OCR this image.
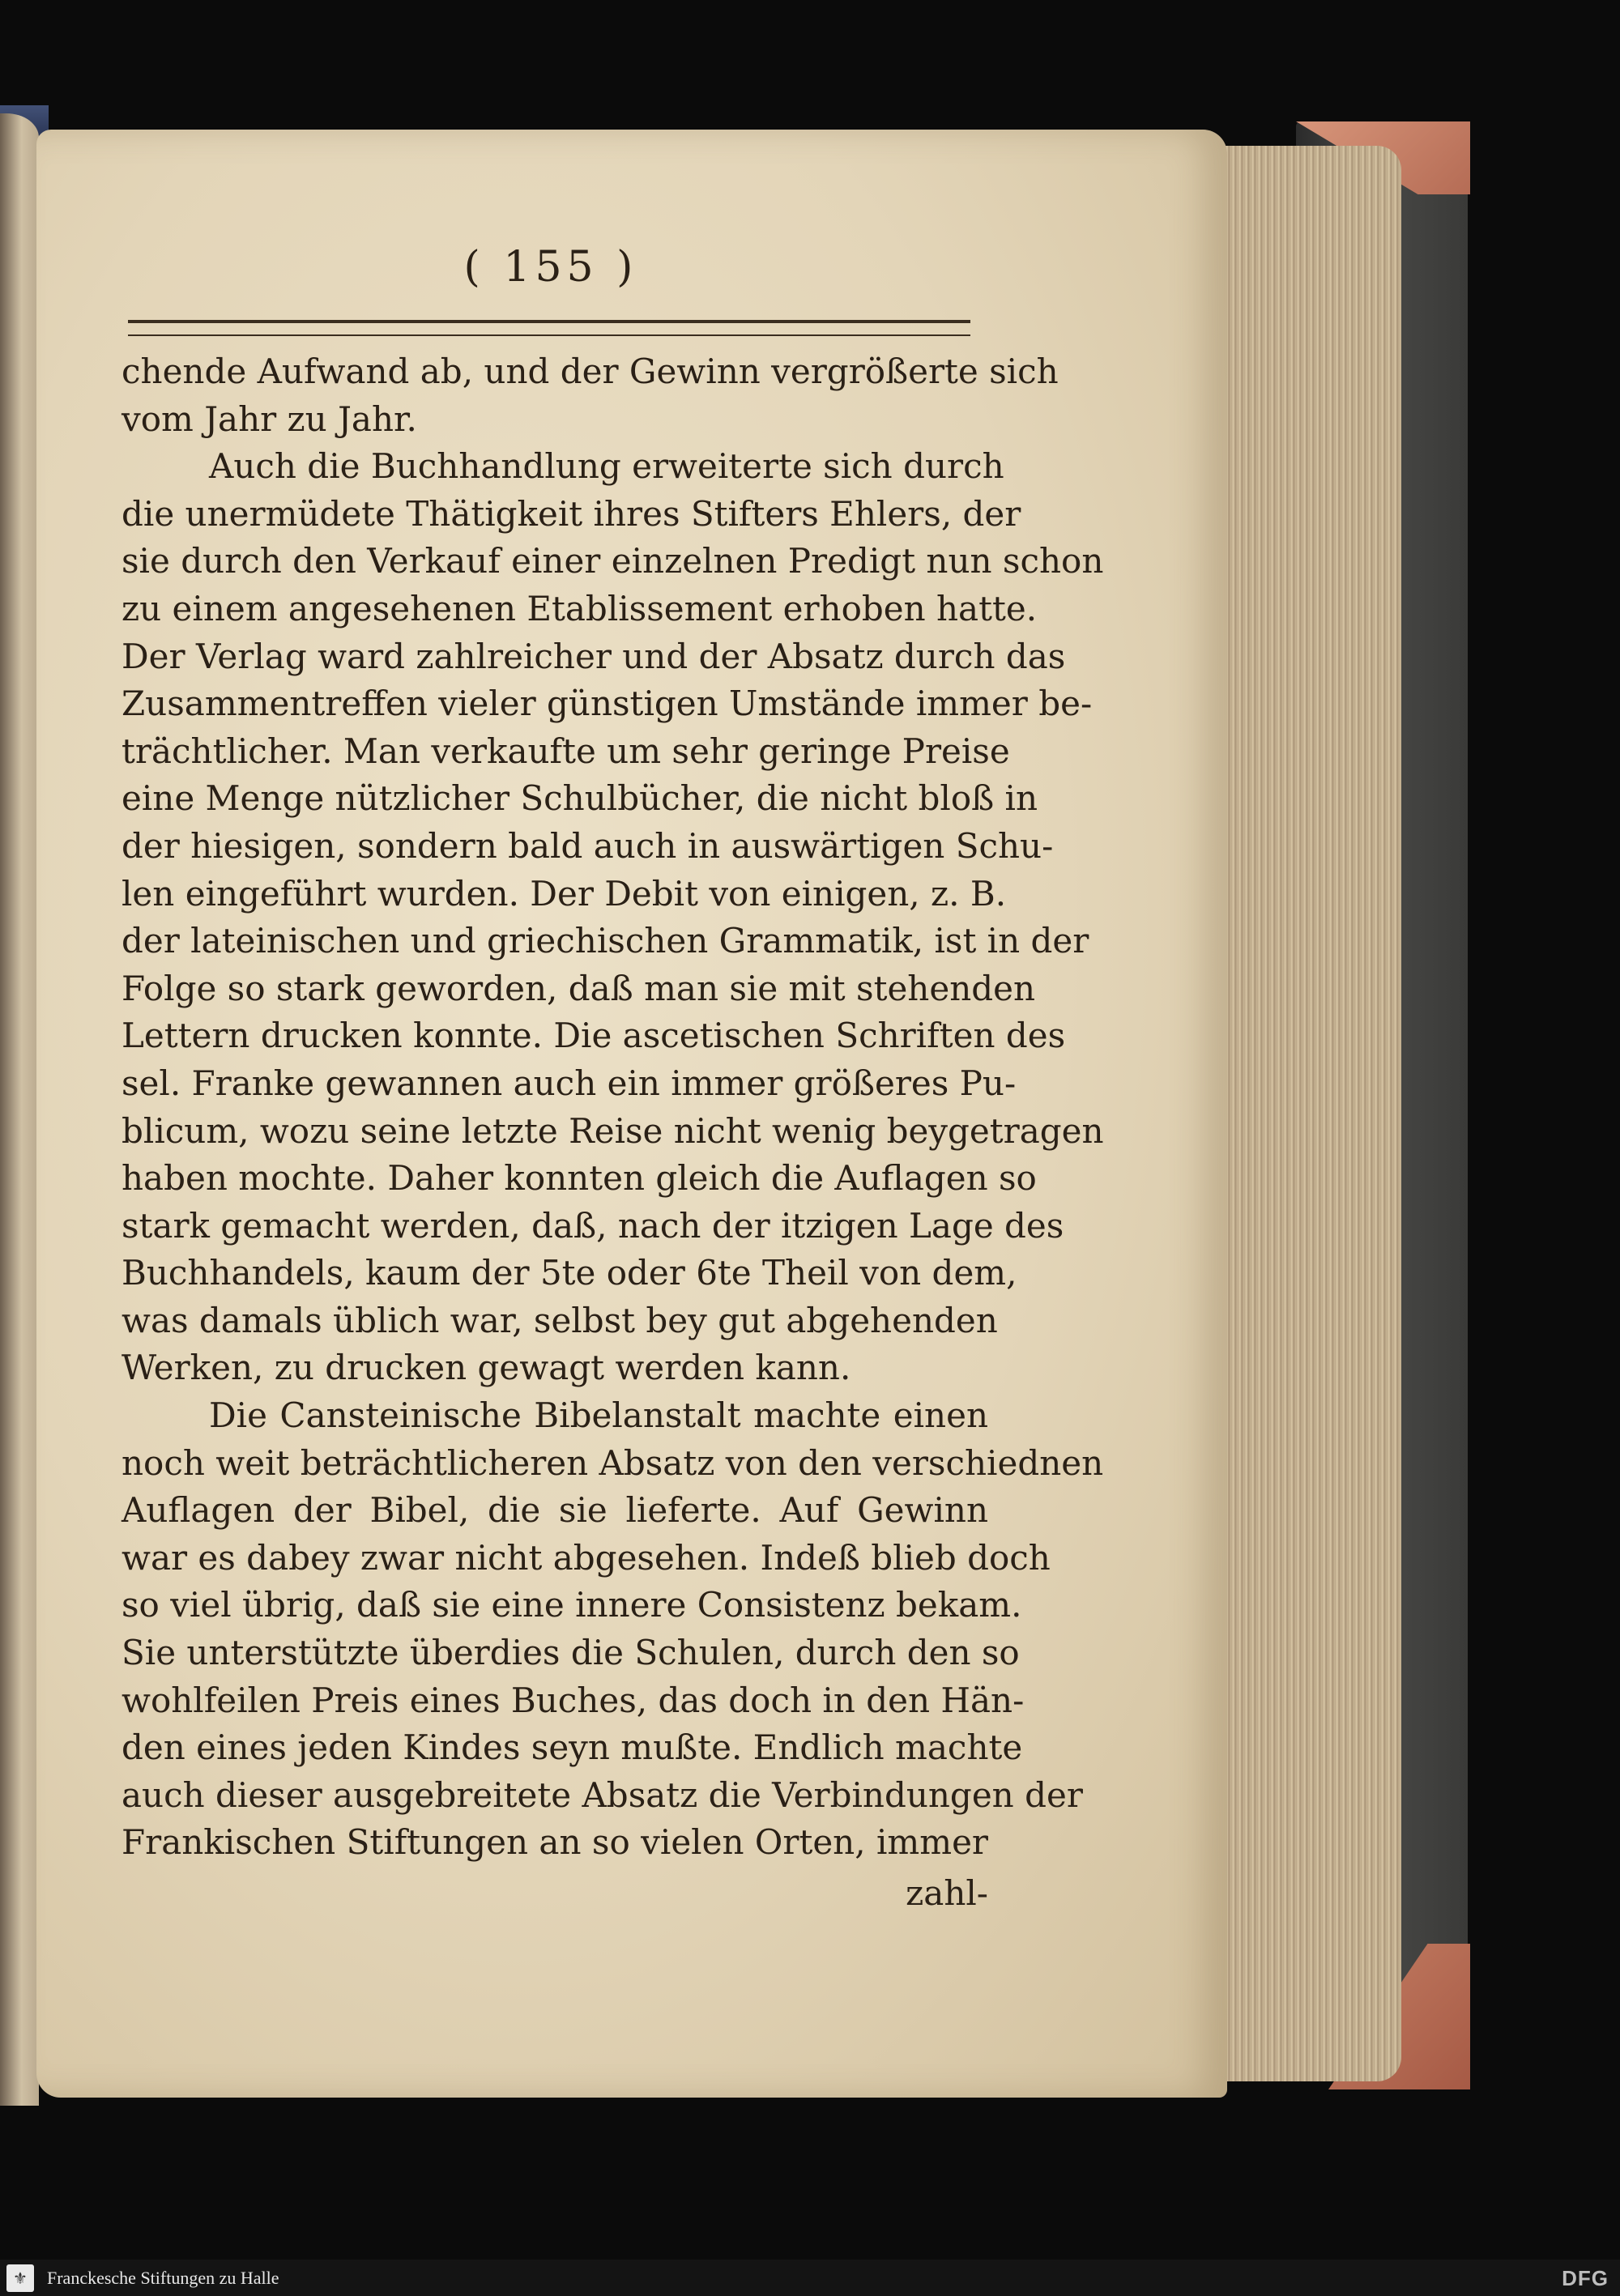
( 155 )
chende Aufwand ab, und der Gewinn vergrößerte sich
vom Jahr zu Jahr.
Auch die Buchhandlung erweiterte sich durch
die unermüdete Thätigkeit ihres Stifters Ehlers, der
sie durch den Verkauf einer einzelnen Predigt nun schon
zu einem angesehenen Etablissement erhoben hatte.
Der Verlag ward zahlreicher und der Absatz durch das
Zusammentreffen vieler günstigen Umstände immer be-
trächtlicher. Man verkaufte um sehr geringe Preise
eine Menge nützlicher Schulbücher, die nicht bloß in
der hiesigen, sondern bald auch in auswärtigen Schu-
len eingeführt wurden. Der Debit von einigen, z. B.
der lateinischen und griechischen Grammatik, ist in der
Folge so stark geworden, daß man sie mit stehenden
Lettern drucken konnte. Die ascetischen Schriften des
sel. Franke gewannen auch ein immer größeres Pu-
blicum, wozu seine letzte Reise nicht wenig beygetragen
haben mochte. Daher konnten gleich die Auflagen so
stark gemacht werden, daß, nach der itzigen Lage des
Buchhandels, kaum der 5te oder 6te Theil von dem,
was damals üblich war, selbst bey gut abgehenden
Werken, zu drucken gewagt werden kann.
Die Cansteinische Bibelanstalt machte einen
noch weit beträchtlicheren Absatz von den verschiednen
Auflagen der Bibel, die sie lieferte. Auf Gewinn
war es dabey zwar nicht abgesehen. Indeß blieb doch
so viel übrig, daß sie eine innere Consistenz bekam.
Sie unterstützte überdies die Schulen, durch den so
wohlfeilen Preis eines Buches, das doch in den Hän-
den eines jeden Kindes seyn mußte. Endlich machte
auch dieser ausgebreitete Absatz die Verbindungen der
Frankischen Stiftungen an so vielen Orten, immer
zahl-
⚜	Franckesche Stiftungen zu Halle	DFG
